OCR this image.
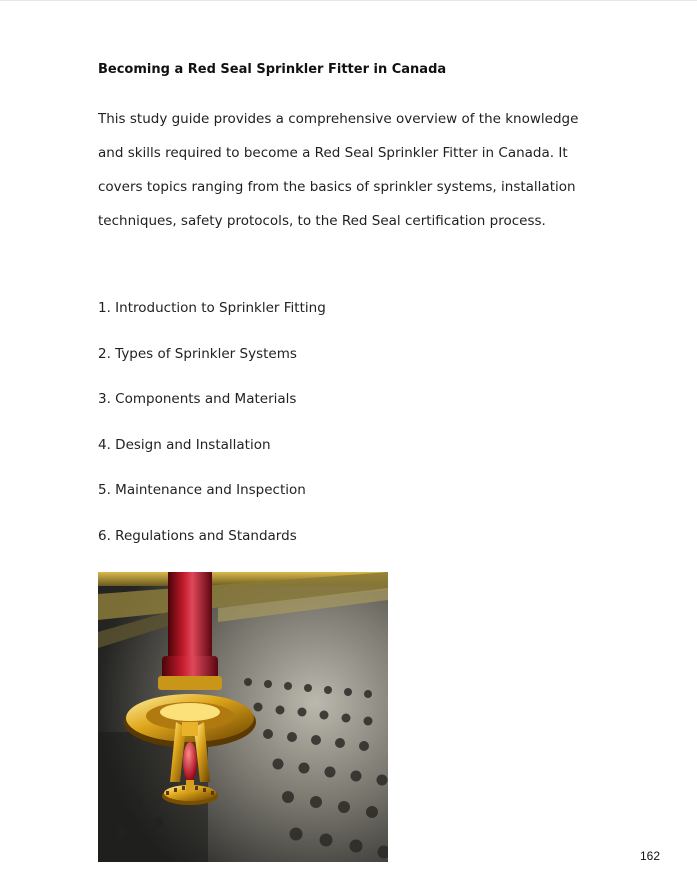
Becoming a Red Seal Sprinkler Fitter in Canada

This study guide provides a comprehensive overview of the knowledge
and skills required to become a Red Seal Sprinkler Fitter in Canada. It
covers topics ranging from the basics of sprinkler systems, installation
techniques, safety protocols, to the Red Seal certification process.

1. Introduction to Sprinkler Fitting
2. Types of Sprinkler Systems
3. Components and Materials
4. Design and Installation
5. Maintenance and Inspection
6. Regulations and Standards
162
